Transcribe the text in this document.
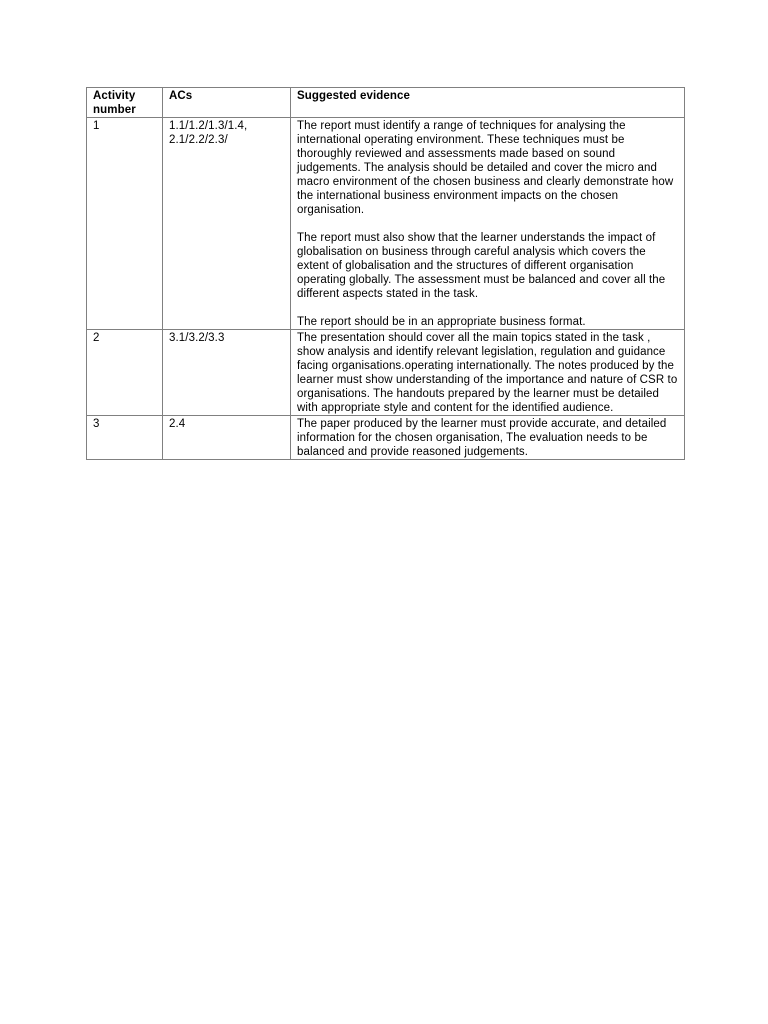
Activity number	ACs	Suggested evidence
1	1.1/1.2/1.3/1.4, 2.1/2.2/2.3/	The report must identify a range of techniques for analysing the international operating environment. These techniques must be thoroughly reviewed and assessments made based on sound judgements. The analysis should be detailed and cover the micro and macro environment of the chosen business and clearly demonstrate how the international business environment impacts on the chosen organisation.

The report must also show that the learner understands the impact of globalisation on business through careful analysis which covers the extent of globalisation and the structures of different organisation operating globally. The assessment must be balanced and cover all the different aspects stated in the task.

The report should be in an appropriate business format.

2	3.1/3.2/3.3	The presentation should cover all the main topics stated in the task , show analysis and identify relevant legislation, regulation and guidance facing organisations.operating internationally. The notes produced by the learner must show understanding of the importance and nature of CSR to organisations. The handouts prepared by the learner must be detailed with appropriate style and content for the identified audience.

3	2.4	The paper produced by the learner must provide accurate, and detailed information for the chosen organisation, The evaluation needs to be balanced and provide reasoned judgements.
